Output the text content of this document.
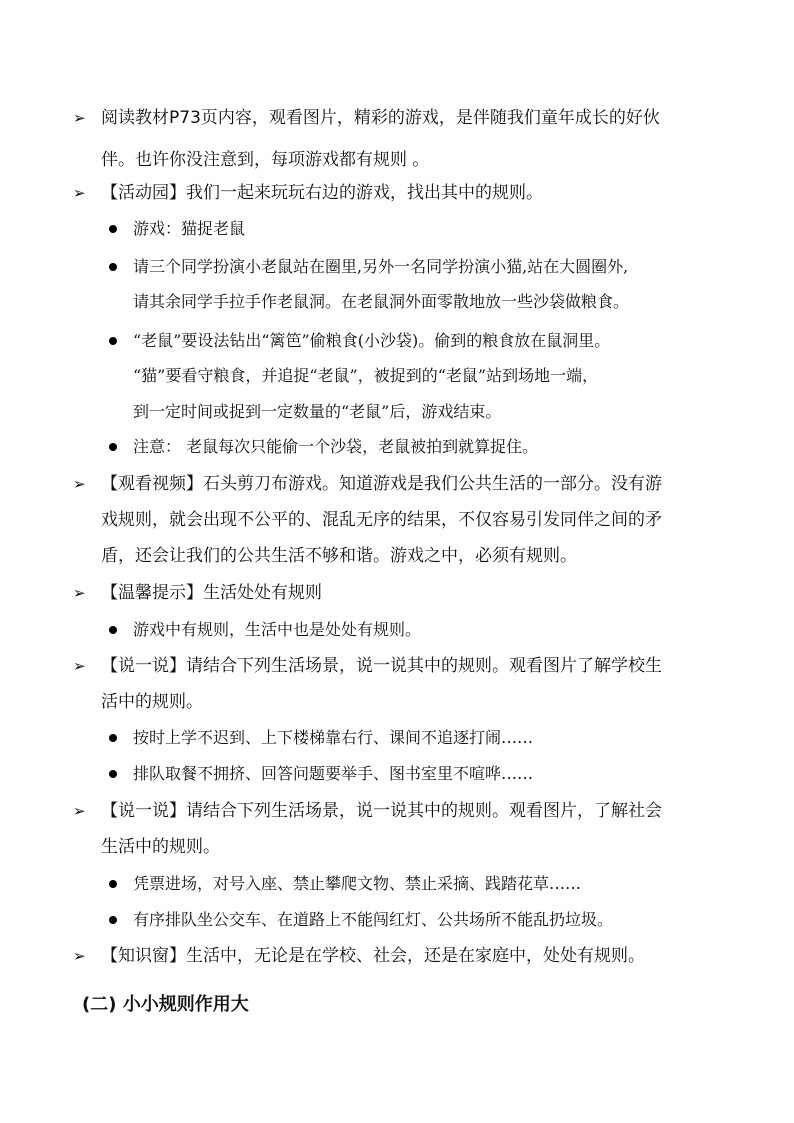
➢ 阅读教材P73页内容，观看图片，精彩的游戏，是伴随我们童年成长的好伙
伴。也许你没注意到，每项游戏都有规则 。
➢ 【活动园】我们一起来玩玩右边的游戏，找出其中的规则。
游戏：猫捉老鼠
请三个同学扮演小老鼠站在圈里,另外一名同学扮演小猫,站在大圆圈外,
请其余同学手拉手作老鼠洞。在老鼠洞外面零散地放一些沙袋做粮食。
“老鼠”要设法钻出“篱笆”偷粮食(小沙袋)。偷到的粮食放在鼠洞里。
“猫”要看守粮食，并追捉“老鼠”，被捉到的“老鼠”站到场地一端，
到一定时间或捉到一定数量的“老鼠”后，游戏结束。
注意： 老鼠每次只能偷一个沙袋，老鼠被拍到就算捉住。
➢ 【观看视频】石头剪刀布游戏。知道游戏是我们公共生活的一部分。没有游
戏规则，就会出现不公平的、混乱无序的结果，不仅容易引发同伴之间的矛
盾，还会让我们的公共生活不够和谐。游戏之中，必须有规则。
➢ 【温馨提示】生活处处有规则
游戏中有规则，生活中也是处处有规则。
➢ 【说一说】请结合下列生活场景，说一说其中的规则。观看图片了解学校生
活中的规则。
按时上学不迟到、上下楼梯靠右行、课间不追逐打闹……
排队取餐不拥挤、回答问题要举手、图书室里不喧哗……
➢ 【说一说】请结合下列生活场景，说一说其中的规则。观看图片，了解社会
生活中的规则。
凭票进场，对号入座、禁止攀爬文物、禁止采摘、践踏花草……
有序排队坐公交车、在道路上不能闯红灯、公共场所不能乱扔垃圾。
➢ 【知识窗】生活中，无论是在学校、社会，还是在家庭中，处处有规则。
(二) 小小规则作用大
